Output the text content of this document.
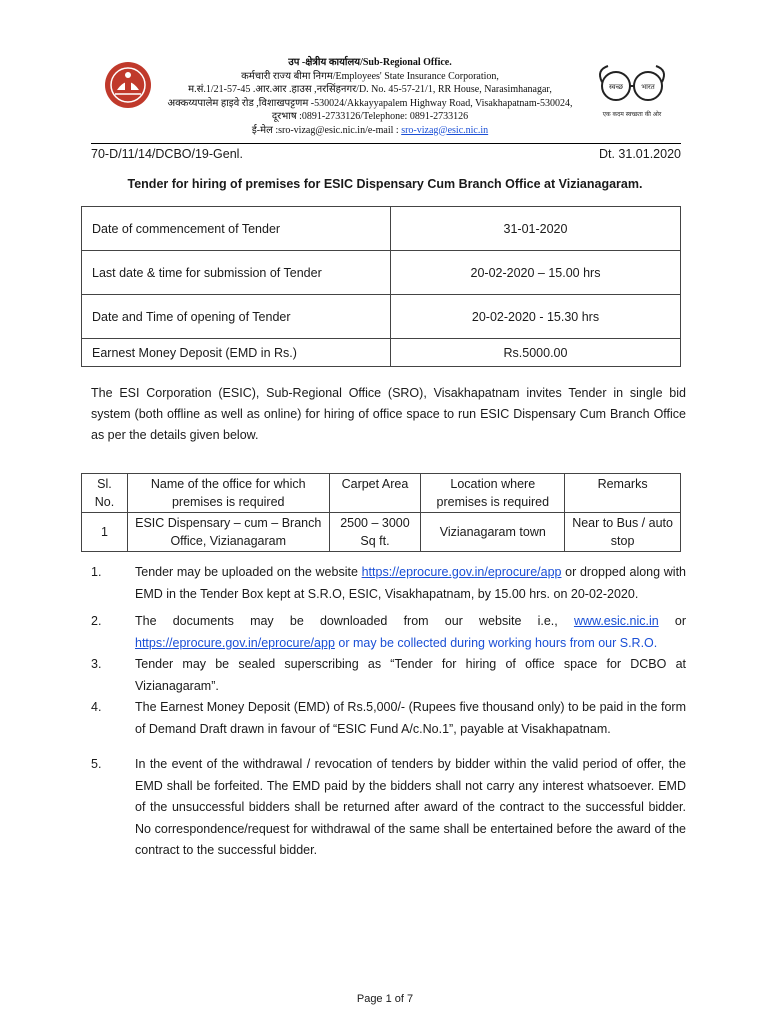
उप -क्षेत्रीय कार्यालय/Sub-Regional Office.
कर्मचारी राज्य बीमा निगम/Employees' State Insurance Corporation,
म.सं.1/21-57-45 .आर.आर .हाउस ,नरसिंहनगर/D. No. 45-57-21/1, RR House, Narasimhanagar,
अक्कय्यपालेम हाइवे रोड ,विशाखपट्टणम -530024/Akkayyapalem Highway Road, Visakhapatnam-530024,
दूरभाष :0891-2733126/Telephone: 0891-2733126
ई-मेल :sro-vizag@esic.nic.in/e-mail : sro-vizag@esic.nic.in
स्वच्छ	भारत
एक कदम स्वच्छता की ओर
70-D/11/14/DCBO/19-Genl.	Dt. 31.01.2020
Tender for hiring of premises for ESIC Dispensary Cum Branch Office at Vizianagaram.
Date of commencement of Tender	31-01-2020
Last date & time for submission of Tender	20-02-2020 – 15.00 hrs
Date and Time of opening of Tender	20-02-2020 - 15.30 hrs
Earnest Money Deposit (EMD in Rs.)	Rs.5000.00
The ESI Corporation (ESIC), Sub-Regional Office (SRO), Visakhapatnam invites Tender in single bid system (both offline as well as online) for hiring of office space to run ESIC Dispensary Cum Branch Office as per the details given below.
Sl. No.	Name of the office for which premises is required	Carpet Area	Location where premises is required	Remarks
1	ESIC Dispensary – cum – Branch Office, Vizianagaram	2500 – 3000 Sq ft.	Vizianagaram town	Near to Bus / auto stop
1.	Tender may be uploaded on the website https://eprocure.gov.in/eprocure/app or dropped along with EMD in the Tender Box kept at S.R.O, ESIC, Visakhapatnam, by 15.00 hrs. on 20-02-2020.
2.	The documents may be downloaded from our website i.e., www.esic.nic.in or https://eprocure.gov.in/eprocure/app or may be collected during working hours from our S.R.O.
3.	Tender may be sealed superscribing as “Tender for hiring of office space for DCBO at Vizianagaram”.
4.	The Earnest Money Deposit (EMD) of Rs.5,000/- (Rupees five thousand only) to be paid in the form of Demand Draft drawn in favour of “ESIC Fund A/c.No.1”, payable at Visakhapatnam.
5.	In the event of the withdrawal / revocation of tenders by bidder within the valid period of offer, the EMD shall be forfeited. The EMD paid by the bidders shall not carry any interest whatsoever. EMD of the unsuccessful bidders shall be returned after award of the contract to the successful bidder. No correspondence/request for withdrawal of the same shall be entertained before the award of the contract to the successful bidder.
Page 1 of 7
